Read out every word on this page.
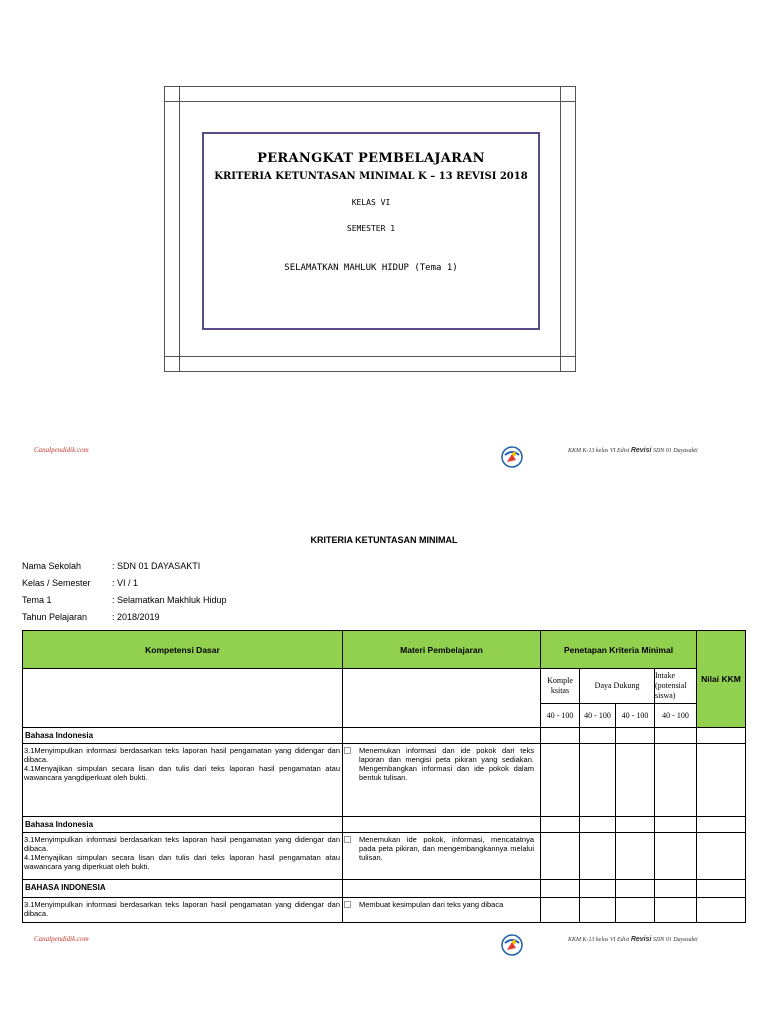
PERANGKAT PEMBELAJARAN
KRITERIA KETUNTASAN MINIMAL K – 13 REVISI 2018
KELAS VI
SEMESTER 1
SELAMATKAN MAHLUK HIDUP (Tema 1)
Canalpendidik.com	KKM K-13 kelas VI Edisi Revisi SDN 01 Dayasakti
KRITERIA KETUNTASAN MINIMAL
Nama Sekolah	: SDN 01 DAYASAKTI
Kelas / Semester : VI / 1
Tema 1	: Selamatkan Makhluk Hidup
Tahun Pelajaran	: 2018/2019
Kompetensi Dasar	Materi Pembelajaran	Penetapan Kriteria Minimal				Nilai KKM
		Komple ksitas	Daya Dukung		Intake (potensial siswa)	
		40 - 100	40 - 100	40 - 100	40 - 100	
Bahasa Indonesia						

3.1Menyimpulkan informasi berdasarkan teks laporan hasil pengamatan yang didengar dan dibaca.

4.1Menyajikan simpulan secara lisan dan tulis dari teks laporan hasil pengamatan atau wawancara yangdiperkuat oleh bukti.	Menemukan informasi dan ide pokok dari teks laporan dan mengisi peta pikiran yang sediakan. Mengembangkan informasi dan ide pokok dalam bentuk tulisan.					
Bahasa Indonesia						

3.1Menyimpulkan informasi berdasarkan teks laporan hasil pengamatan yang didengar dan dibaca.

4.1Menyajikan simpulan secara lisan dan tulis dari teks laporan hasil pengamatan atau wawancara yang diperkuat oleh bukti.	Menemukan ide pokok, informasi, mencatatnya pada peta pikiran, dan mengembangkannya melalui tulisan.					
BAHASA INDONESIA						

3.1Menyimpulkan informasi berdasarkan teks laporan hasil pengamatan yang didengar dan dibaca.	Membuat kesimpulan dari teks yang dibaca					
Canalpendidik.com	KKM K-13 kelas VI Edisi Revisi SDN 01 Dayasakti
